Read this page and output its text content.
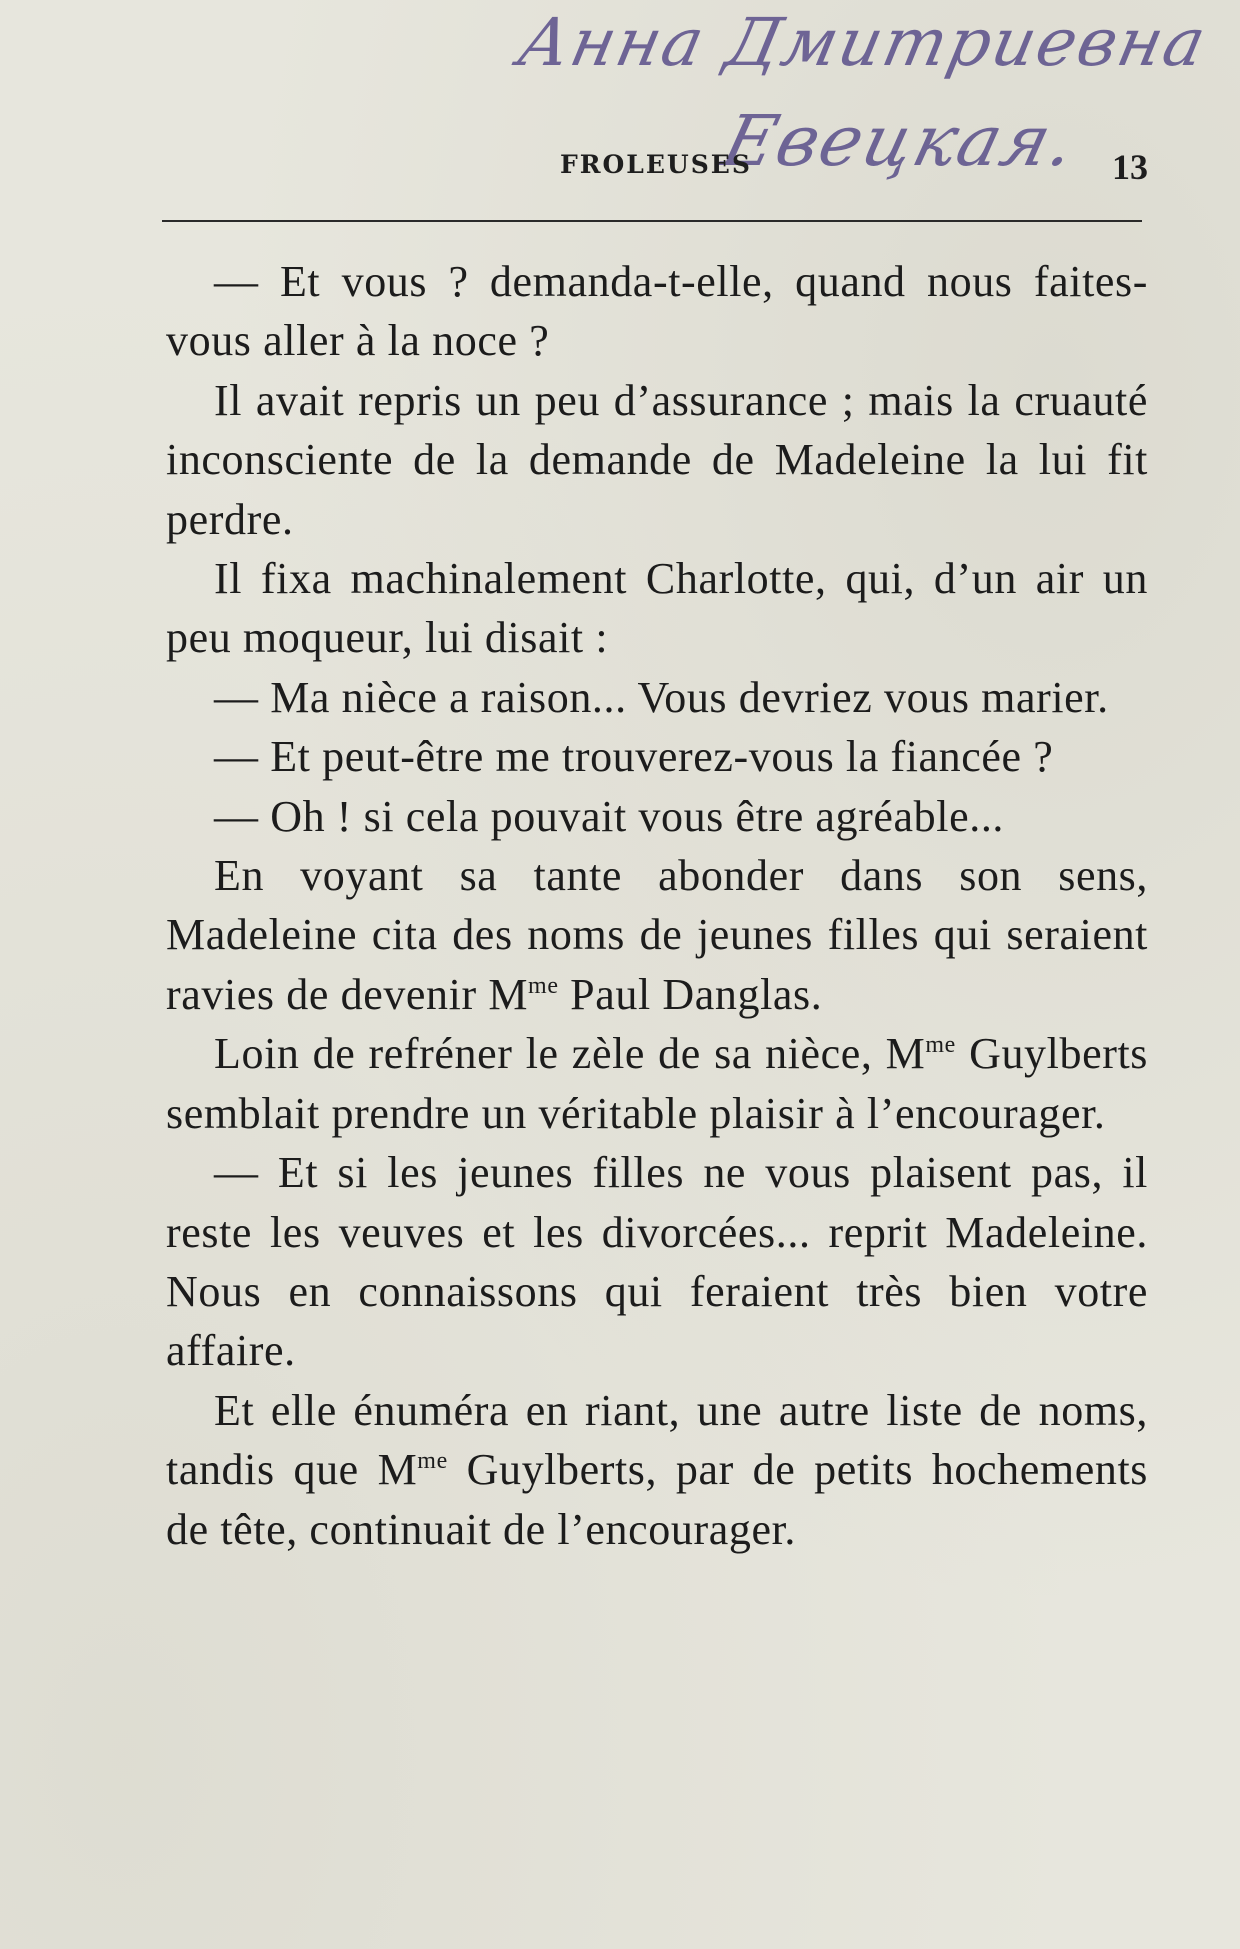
Анна Дмитриевна
Евецкая.
FROLEUSES	13

— Et vous ? demanda-t-elle, quand nous faites-vous aller à la noce ?

Il avait repris un peu d’assurance ; mais la cruauté inconsciente de la demande de Madeleine la lui fit perdre.

Il fixa machinalement Charlotte, qui, d’un air un peu moqueur, lui disait :

— Ma nièce a raison... Vous devriez vous marier.

— Et peut-être me trouverez-vous la fiancée ?

— Oh ! si cela pouvait vous être agréable...

En voyant sa tante abonder dans son sens, Madeleine cita des noms de jeunes filles qui seraient ravies de devenir $M^{me}$ Paul Danglas.

Loin de refréner le zèle de sa nièce, $M^{me}$ Guylberts semblait prendre un véritable plaisir à l’encourager.

— Et si les jeunes filles ne vous plaisent pas, il reste les veuves et les divorcées... reprit Madeleine. Nous en connaissons qui feraient très bien votre affaire.

Et elle énuméra en riant, une autre liste de noms, tandis que $M^{me}$ Guylberts, par de petits hochements de tête, continuait de l’encourager.
